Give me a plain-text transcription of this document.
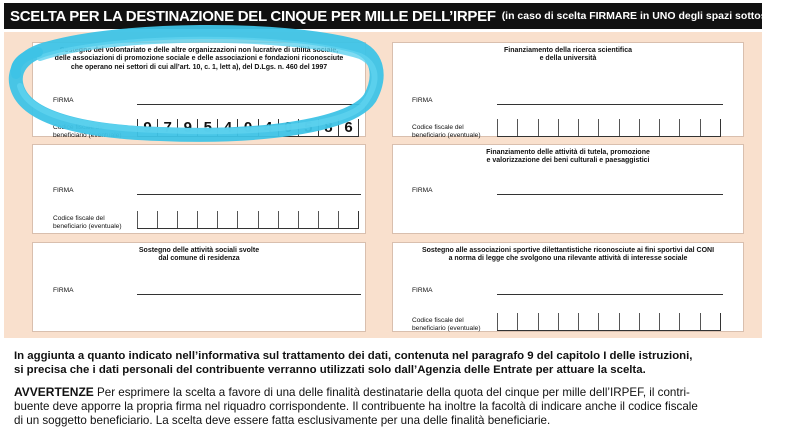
SCELTA PER LA DESTINAZIONE DEL CINQUE PER MILLE DELL’IRPEF (in caso di scelta FIRMARE in UNO degli spazi sottostanti)
Sostegno del volontariato e delle altre organizzazioni non lucrative di utilità sociale,
delle associazioni di promozione sociale e delle associazioni e fondazioni riconosciute
che operano nei settori di cui all’art. 10, c. 1, lett a), del D.Lgs. n. 460 del 1997
FIRMA
Codice fiscale del
beneficiario (eventuale)	9 7 9 5 4 0 4 0 5 8 6
Finanziamento della ricerca scientifica
e della università
FIRMA
Codice fiscale del
beneficiario (eventuale)
FIRMA
Codice fiscale del
beneficiario (eventuale)
Finanziamento delle attività di tutela, promozione
e valorizzazione dei beni culturali e paesaggistici
FIRMA
Sostegno delle attività sociali svolte
dal comune di residenza
FIRMA
Sostegno alle associazioni sportive dilettantistiche riconosciute ai fini sportivi dal CONI
a norma di legge che svolgono una rilevante attività di interesse sociale
FIRMA
Codice fiscale del
beneficiario (eventuale)
In aggiunta a quanto indicato nell’informativa sul trattamento dei dati, contenuta nel paragrafo 9 del capitolo I delle istruzioni,
si precisa che i dati personali del contribuente verranno utilizzati solo dall’Agenzia delle Entrate per attuare la scelta.
AVVERTENZE Per esprimere la scelta a favore di una delle finalità destinatarie della quota del cinque per mille dell’IRPEF, il contri-
buente deve apporre la propria firma nel riquadro corrispondente. Il contribuente ha inoltre la facoltà di indicare anche il codice fiscale
di un soggetto beneficiario. La scelta deve essere fatta esclusivamente per una delle finalità beneficiarie.
